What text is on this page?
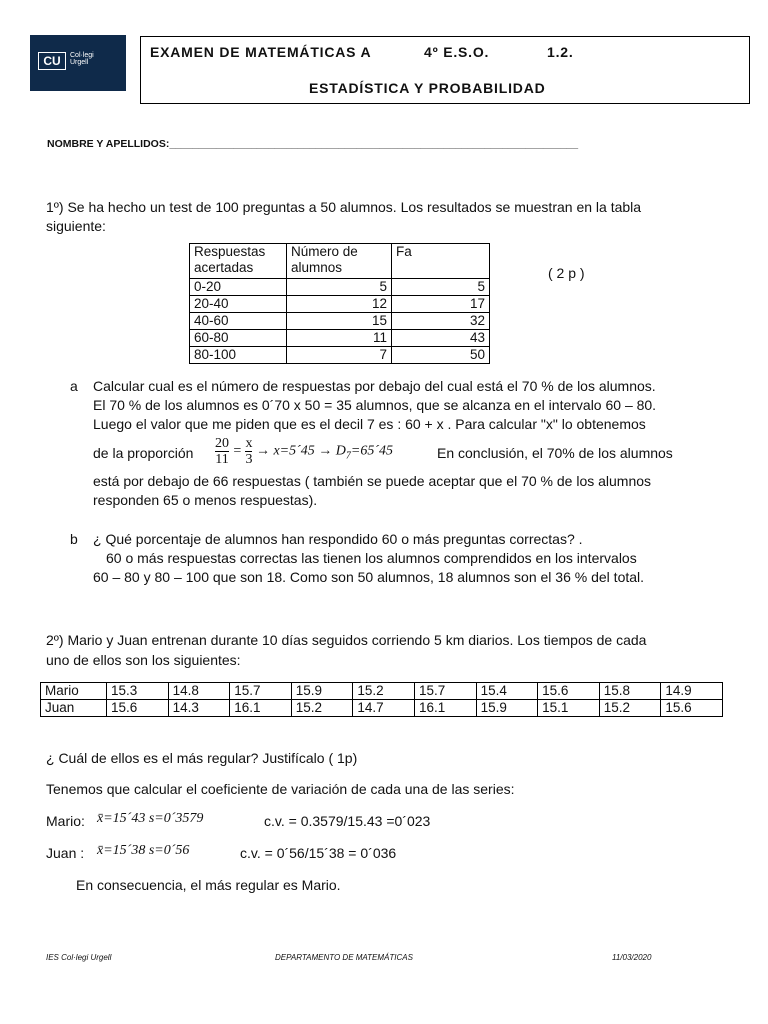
CU	Col·legi Urgell
EXAMEN DE MATEMÁTICAS A	4º E.S.O.	1.2.
ESTADÍSTICA Y PROBABILIDAD
NOMBRE Y APELLIDOS:______________________________________________________________________
1º) Se ha hecho un test de 100 preguntas a 50 alumnos. Los resultados se muestran en la tabla
siguiente:
( 2 p )
Respuestas acertadas	Número de alumnos	Fa
0-20	5	5
20-40	12	17
40-60	15	32
60-80	11	43
80-100	7	50
a Calcular cual es el número de respuestas por debajo del cual está el 70 % de los alumnos.
El 70 % de los alumnos es 0´70 x 50 = 35 alumnos, que se alcanza en el intervalo 60 – 80.
Luego el valor que me piden que es el decil 7 es : 60 + x . Para calcular "x" lo obtenemos
de la proporción $\frac{20}{11} = \frac{x}{3}$ → x=5´45 → $D_7=65´45$	En conclusión, el 70% de los alumnos
está por debajo de 66 respuestas ( también se puede aceptar que el 70 % de los alumnos
responden 65 o menos respuestas).
b ¿ Qué porcentaje de alumnos han respondido 60 o más preguntas correctas? .
60 o más respuestas correctas las tienen los alumnos comprendidos en los intervalos
60 – 80 y 80 – 100 que son 18. Como son 50 alumnos, 18 alumnos son el 36 % del total.
2º) Mario y Juan entrenan durante 10 días seguidos corriendo 5 km diarios. Los tiempos de cada
uno de ellos son los siguientes:
Mario	15.3	14.8	15.7	15.9	15.2	15.7	15.4	15.6	15.8	14.9
Juan	15.6	14.3	16.1	15.2	14.7	16.1	15.9	15.1	15.2	15.6
¿ Cuál de ellos es el más regular? Justifícalo ( 1p)
Tenemos que calcular el coeficiente de variación de cada una de las series:
Mario: x̄=15´43 s=0´3579	c.v. = 0.3579/15.43 =0´023
Juan : x̄=15´38 s=0´56	c.v. = 0´56/15´38 = 0´036
En consecuencia, el más regular es Mario.
IES Col·legi Urgell	DEPARTAMENTO DE MATEMÁTICAS	11/03/2020
